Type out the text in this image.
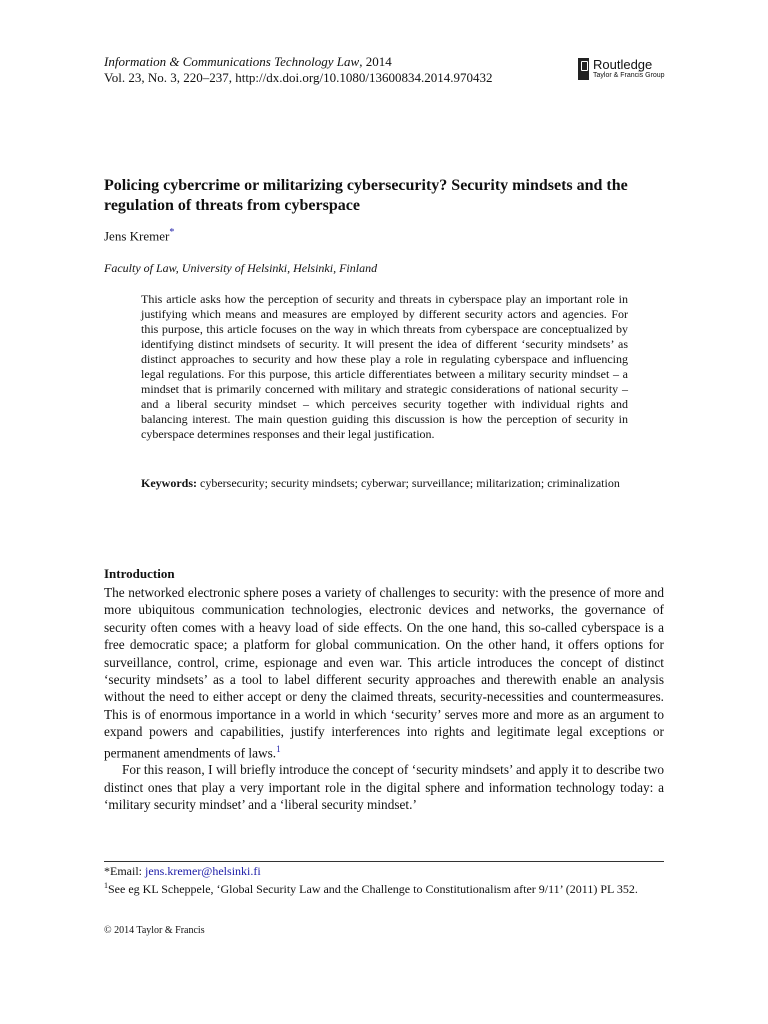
Information & Communications Technology Law, 2014
Vol. 23, No. 3, 220–237, http://dx.doi.org/10.1080/13600834.2014.970432
Routledge
Taylor & Francis Group
Policing cybercrime or militarizing cybersecurity? Security mindsets and the regulation of threats from cyberspace
Jens Kremer*
Faculty of Law, University of Helsinki, Helsinki, Finland
This article asks how the perception of security and threats in cyberspace play an important role in justifying which means and measures are employed by different security actors and agencies. For this purpose, this article focuses on the way in which threats from cyberspace are conceptualized by identifying distinct mindsets of security. It will present the idea of different ‘security mindsets’ as distinct approaches to security and how these play a role in regulating cyberspace and influencing legal regulations. For this purpose, this article differentiates between a military security mindset – a mindset that is primarily concerned with military and strategic considerations of national security – and a liberal security mindset – which perceives security together with individual rights and balancing interest. The main question guiding this discussion is how the perception of security in cyberspace determines responses and their legal justification.
Keywords: cybersecurity; security mindsets; cyberwar; surveillance; militarization; criminalization
Introduction

The networked electronic sphere poses a variety of challenges to security: with the presence of more and more ubiquitous communication technologies, electronic devices and networks, the governance of security often comes with a heavy load of side effects. On the one hand, this so-called cyberspace is a free democratic space; a platform for global communication. On the other hand, it offers options for surveillance, control, crime, espionage and even war. This article introduces the concept of distinct ‘security mindsets’ as a tool to label different security approaches and therewith enable an analysis without the need to either accept or deny the claimed threats, security-necessities and countermeasures. This is of enormous importance in a world in which ‘security’ serves more and more as an argument to expand powers and capabilities, justify interferences into rights and legitimate legal exceptions or permanent amendments of laws.$^1$

For this reason, I will briefly introduce the concept of ‘security mindsets’ and apply it to describe two distinct ones that play a very important role in the digital sphere and information technology today: a ‘military security mindset’ and a ‘liberal security mindset.’

*Email: jens.kremer@helsinki.fi
$^1$See eg KL Scheppele, ‘Global Security Law and the Challenge to Constitutionalism after 9/11’ (2011) PL 352.
© 2014 Taylor & Francis
